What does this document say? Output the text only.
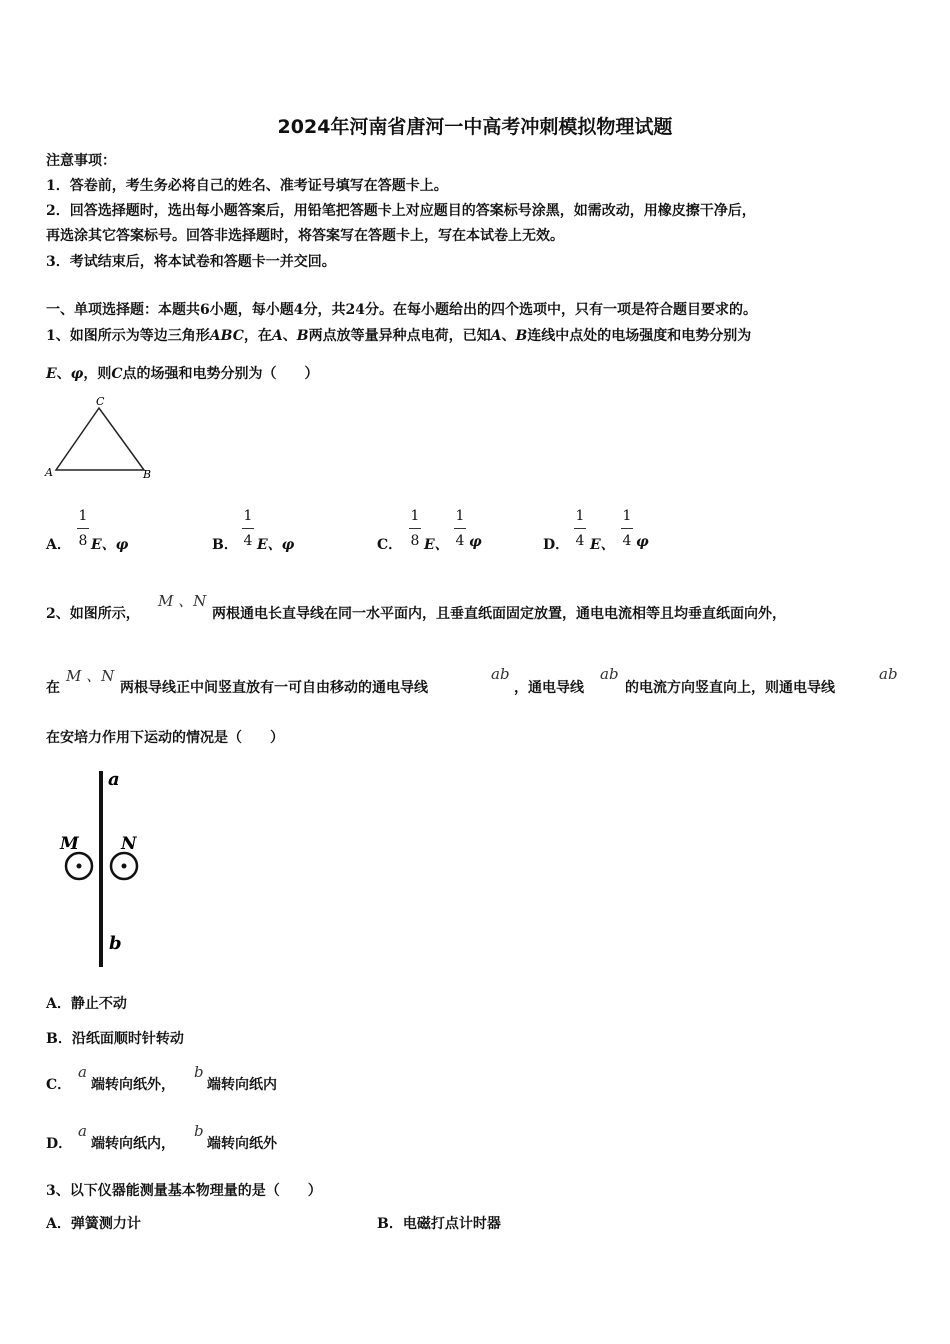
2024年河南省唐河一中高考冲刺模拟物理试题
注意事项：
1．答卷前，考生务必将自己的姓名、准考证号填写在答题卡上。
2．回答选择题时，选出每小题答案后，用铅笔把答题卡上对应题目的答案标号涂黑，如需改动，用橡皮擦干净后，
再选涂其它答案标号。回答非选择题时，将答案写在答题卡上，写在本试卷上无效。
3．考试结束后，将本试卷和答题卡一并交回。
一、单项选择题：本题共6小题，每小题4分，共24分。在每小题给出的四个选项中，只有一项是符合题目要求的。
1、如图所示为等边三角形ABC，在A、B两点放等量异种点电荷，已知A、B连线中点处的电场强度和电势分别为
E、φ，则C点的场强和电势分别为（　　）
C
A	B
A．
1
8 E、φ	B．
1
4 E、φ	C．
1
8 E、
1
4 φ	D．
1
4 E、
1
4 φ
2、如图所示，
M 、N
两根通电长直导线在同一水平面内，且垂直纸面固定放置，通电电流相等且均垂直纸面向外，
在
M 、N
两根导线正中间竖直放有一可自由移动的通电导线
ab
，通电导线
ab
的电流方向竖直向上，则通电导线
ab
在安培力作用下运动的情况是（　　）
a
b
M N
A．静止不动
B．沿纸面顺时针转动
C．
a
端转向纸外，
b
端转向纸内
D．
a
端转向纸内，
b
端转向纸外
3、以下仪器能测量基本物理量的是（　　）
A．弹簧测力计	B．电磁打点计时器
